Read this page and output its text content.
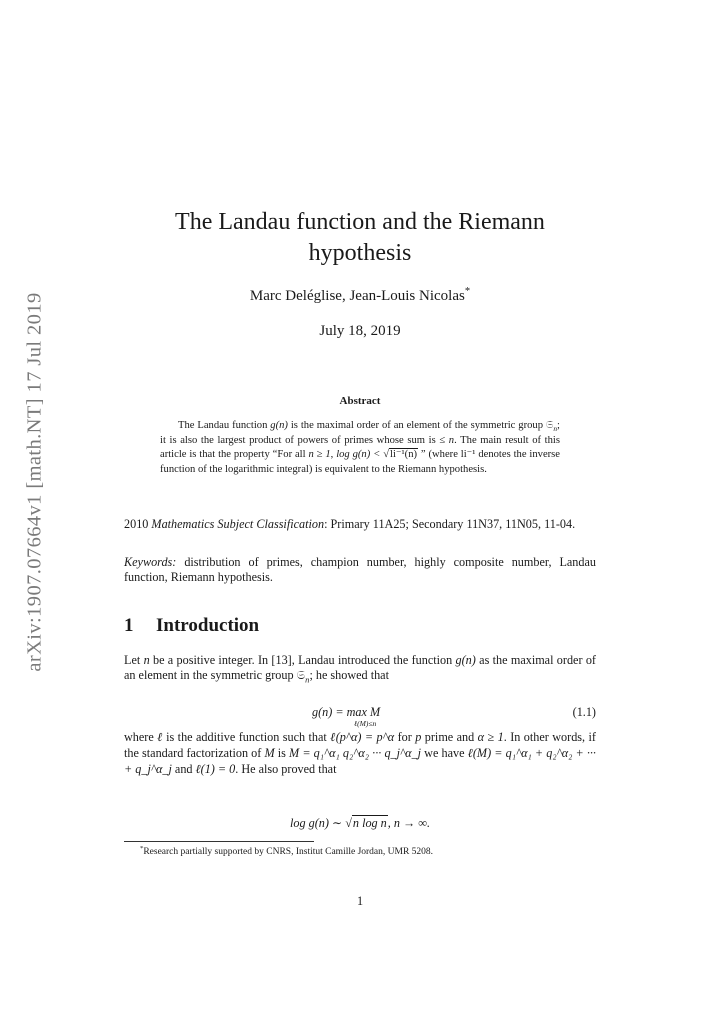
arXiv:1907.07664v1 [math.NT] 17 Jul 2019
The Landau function and the Riemann
hypothesis
Marc Deléglise, Jean-Louis Nicolas*
July 18, 2019
Abstract
The Landau function g(n) is the maximal order of an element of the symmetric group 𝔖$_n$; it is also the largest product of powers of primes whose sum is ≤ n. The main result of this article is that the property “For all n ≥ 1, log g(n) < √li⁻¹(n) ” (where li⁻¹ denotes the inverse function of the logarithmic integral) is equivalent to the Riemann hypothesis.
2010 Mathematics Subject Classification: Primary 11A25; Secondary 11N37, 11N05, 11-04.
Keywords: distribution of primes, champion number, highly composite number, Landau function, Riemann hypothesis.
1 Introduction
Let n be a positive integer. In [13], Landau introduced the function g(n) as the maximal order of an element in the symmetric group 𝔖$_n$; he showed that
g(n) = max M
ℓ(M)≤n
(1.1)
where ℓ is the additive function such that ℓ(p^α) = p^α for p prime and α ≥ 1. In other words, if the standard factorization of M is M = q₁^α₁ q₂^α₂ ··· q_j^α_j we have ℓ(M) = q₁^α₁ + q₂^α₂ + ··· + q_j^α_j and ℓ(1) = 0. He also proved that
log g(n) ∼ √n log n, n → ∞.
*Research partially supported by CNRS, Institut Camille Jordan, UMR 5208.
1
